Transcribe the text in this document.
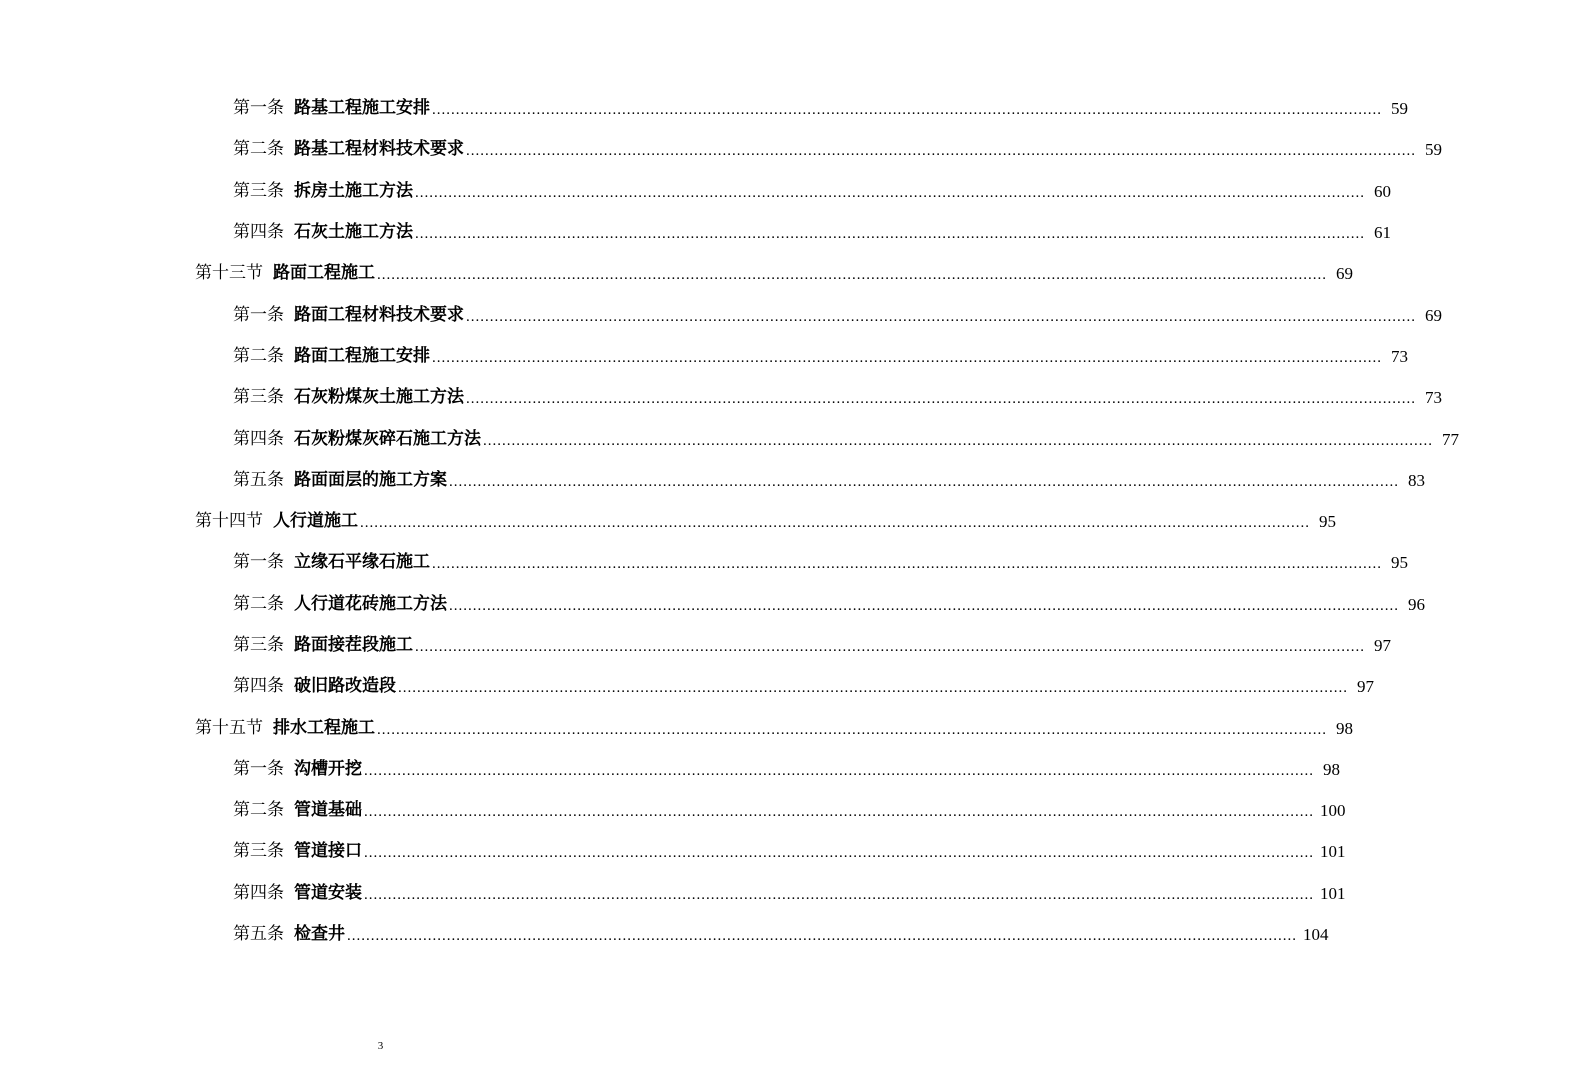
第一条 路基工程施工安排 ........................................................................................................................................................................................................ 59
第二条 路基工程材料技术要求 ........................................................................................................................................................................................................ 59
第三条 拆房土施工方法 ........................................................................................................................................................................................................ 60
第四条 石灰土施工方法 ........................................................................................................................................................................................................ 61
第十三节 路面工程施工 ........................................................................................................................................................................................................ 69
第一条 路面工程材料技术要求 ........................................................................................................................................................................................................ 69
第二条 路面工程施工安排 ........................................................................................................................................................................................................ 73
第三条 石灰粉煤灰土施工方法 ........................................................................................................................................................................................................ 73
第四条 石灰粉煤灰碎石施工方法 ........................................................................................................................................................................................................ 77
第五条 路面面层的施工方案 ........................................................................................................................................................................................................ 83
第十四节 人行道施工 ........................................................................................................................................................................................................ 95
第一条 立缘石平缘石施工 ........................................................................................................................................................................................................ 95
第二条 人行道花砖施工方法 ........................................................................................................................................................................................................ 96
第三条 路面接茬段施工 ........................................................................................................................................................................................................ 97
第四条 破旧路改造段 ........................................................................................................................................................................................................ 97
第十五节 排水工程施工 ........................................................................................................................................................................................................ 98
第一条 沟槽开挖 ........................................................................................................................................................................................................ 98
第二条 管道基础 ........................................................................................................................................................................................................ 100
第三条 管道接口 ........................................................................................................................................................................................................ 101
第四条 管道安装 ........................................................................................................................................................................................................ 101
第五条 检查井 ........................................................................................................................................................................................................ 104
3
